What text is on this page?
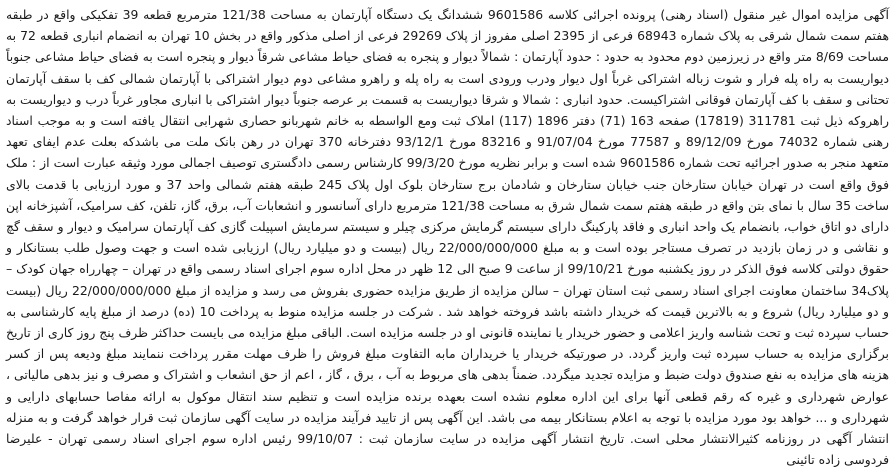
آگهی مزایده اموال غیر منقول (اسناد رهنی) پرونده اجرائی کلاسه 9601586 ششدانگ یک دستگاه آپارتمان به مساحت 121/38 مترمربع قطعه 39 تفکیکی واقع در طبقه هفتم سمت شمال شرقی به پلاک شماره 68943 فرعی از 2395 اصلی مفروز از پلاک 29269 فرعی از اصلی مذکور واقع در بخش 10 تهران به انضمام انباری قطعه 72 به مساحت 8/69 متر واقع در زیرزمین دوم محدود به حدود : حدود آپارتمان : شمالاً دیوار و پنجره به فضای حیاط مشاعی شرقاً دیوار و پنجره است به فضای حیاط مشاعی جنوباً دیواریست به راه پله فرار و شوت زباله اشتراکی غرباً اول دیوار ودرب ورودی است به راه پله و راهرو مشاعی دوم دیوار اشتراکی با آپارتمان شمالی کف با سقف آپارتمان تحتانی و سقف با کف آپارتمان فوقانی اشتراکیست. حدود انباری : شمالا و شرقا دیواریست به قسمت بر عرصه جنوباً دیوار اشتراکی با انباری مجاور غرباً درب و دیواریست به راهروکه ذیل ثبت 311781 (17819) صفحه 163 (71) دفتر 1896 (117) املاک ثبت ومع الواسطه به خانم شهربانو حصاری شهرابی انتقال یافته است و به موجب اسناد رهنی شماره 74032 مورخ 89/12/09 و 77587 مورخ 91/07/04 و 83216 مورخ 93/12/1 دفترخانه 370 تهران در رهن بانک ملت می باشدکه بعلت عدم ایفای تعهد متعهد منجر به صدور اجرائیه تحت شماره 9601586 شده است و برابر نظریه مورخ 99/3/20 کارشناس رسمی دادگستری توصیف اجمالی مورد وثیقه عبارت است از : ملک فوق واقع است در تهران خیابان ستارخان جنب خیابان ستارخان و شادمان برج ستارخان بلوک اول پلاک 245 طبقه هفتم شمالی واحد 37 و مورد ارزیابی با قدمت بالای ساخت 35 سال با نمای بتن واقع در طبقه هفتم سمت شمال شرق به مساحت 121/38 مترمربع دارای آسانسور و انشعابات آب، برق، گاز، تلفن، کف سرامیک، آشپزخانه اپن دارای دو اتاق خواب، بانضمام یک واحد انباری و فاقد پارکینگ دارای سیستم گرمایش مرکزی چیلر و سیستم سرمایش اسپیلت گازی کف آپارتمان سرامیک و دیوار و سقف گچ و نقاشی و در زمان بازدید در تصرف مستاجر بوده است و به مبلغ 22/000/000/000 ریال (بیست و دو میلیارد ریال) ارزیابی شده است و جهت وصول طلب بستانکار و حقوق دولتی کلاسه فوق الذکر در روز یکشنبه مورخ 99/10/21 از ساعت 9 صبح الی 12 ظهر در محل اداره سوم اجرای اسناد رسمی واقع در تهران – چهارراه جهان کودک – پلاک34 ساختمان معاونت اجرای اسناد رسمی ثبت استان تهران – سالن مزایده از طریق مزایده حضوری بفروش می رسد و مزایده از مبلغ 22/000/000/000 ریال (بیست و دو میلیارد ریال) شروع و به بالاترین قیمت که خریدار داشته باشد فروخته خواهد شد . شرکت در جلسه مزایده منوط به پرداخت 10 (ده) درصد از مبلغ پایه کارشناسی به حساب سپرده ثبت و تحت شناسه واریز اعلامی و حضور خریدار یا نماینده قانونی او در جلسه مزایده است. الباقی مبلغ مزایده می بایست حداکثر ظرف پنج روز کاری از تاریخ برگزاری مزایده به حساب سپرده ثبت واریز گردد. در صورتیکه خریدار یا خریداران مابه التفاوت مبلغ فروش را ظرف مهلت مقرر پرداخت ننمایند مبلغ ودیعه پس از کسر هزینه های مزایده به نفع صندوق دولت ضبط و مزایده تجدید میگردد. ضمناً بدهی های مربوط به آب ، برق ، گاز ، اعم از حق انشعاب و اشتراک و مصرف و نیز بدهی مالیاتی ، عوارض شهرداری و غیره که رقم قطعی آنها برای این اداره معلوم نشده است بعهده برنده مزایده است و تنظیم سند انتقال موکول به ارائه مفاصا حسابهای دارایی و شهرداری و ... خواهد بود مورد مزایده با توجه به اعلام بستانکار بیمه می باشد. این آگهی پس از تایید فرآیند مزایده در سایت آگهی سازمان ثبت قرار خواهد گرفت و به منزله انتشار آگهی در روزنامه کثیرالانتشار محلی است. تاریخ انتشار آگهی مزایده در سایت سازمان ثبت : 99/10/07 رئیس اداره سوم اجرای اسناد رسمی تهران - علیرضا فردوسی زاده تائینی
